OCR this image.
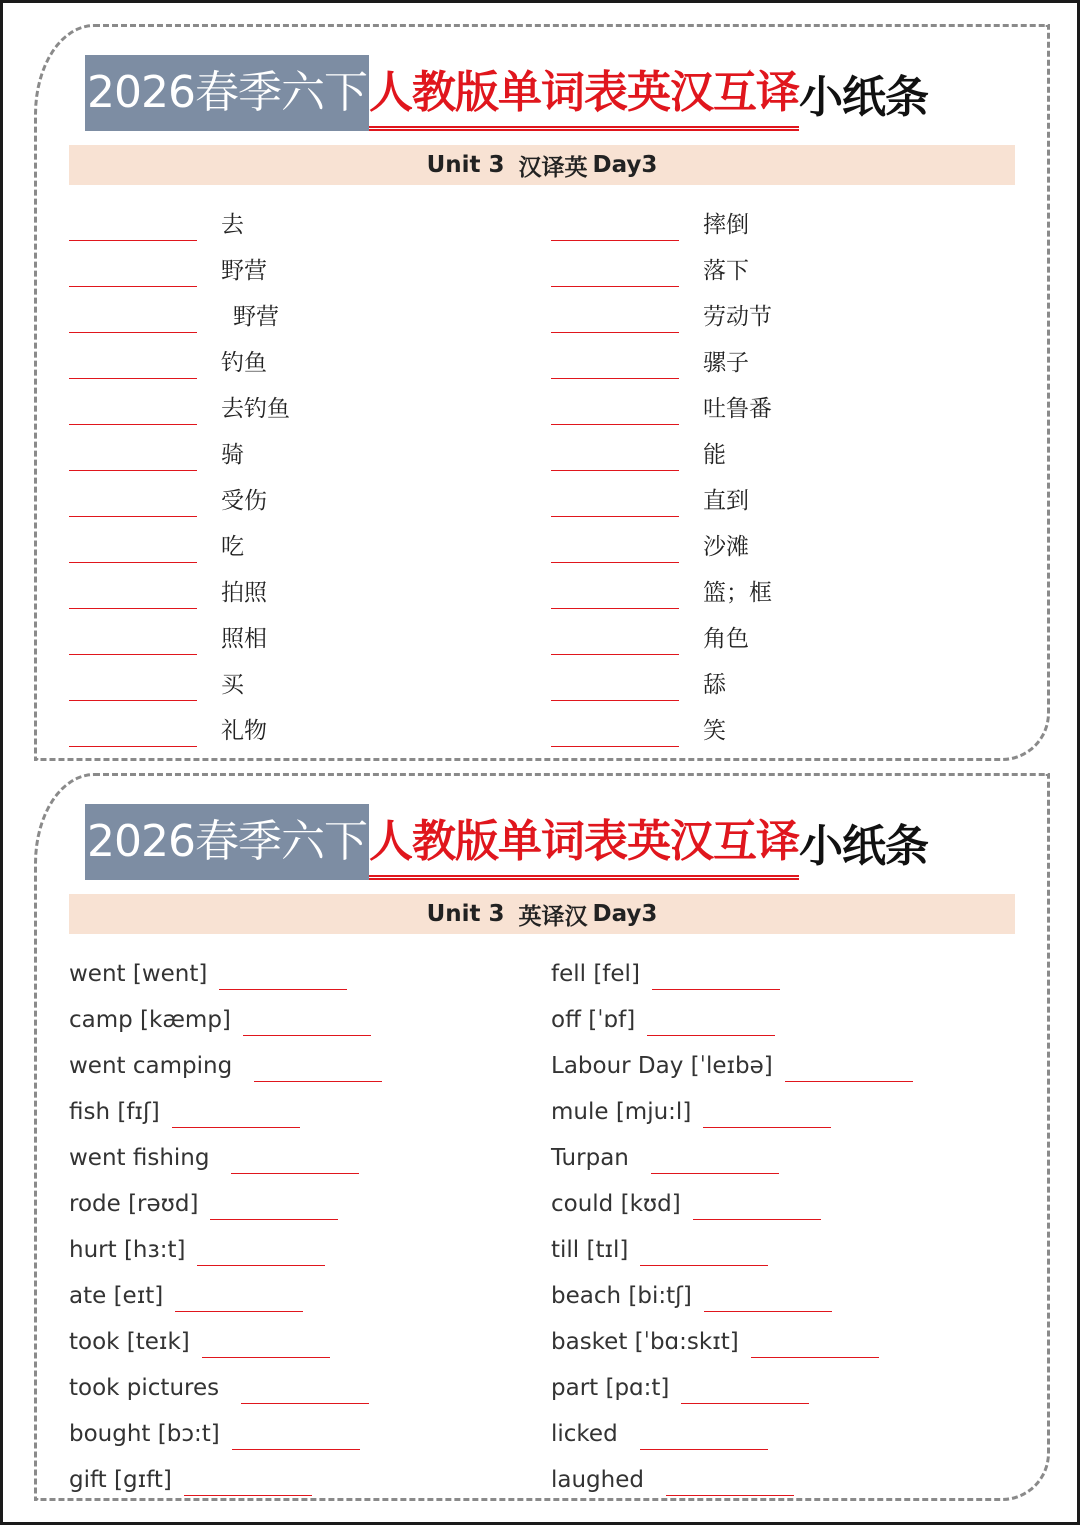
2026春季六下 人教版单词表英汉互译 小纸条
Unit 3 汉译英 Day3
去
野营
野营
钓鱼
去钓鱼
骑
受伤
吃
拍照
照相
买
礼物
摔倒
落下
劳动节
骡子
吐鲁番
能
直到
沙滩
篮；框
角色
舔
笑
2026春季六下 人教版单词表英汉互译 小纸条
Unit 3 英译汉 Day3
went [went]
camp [kæmp]
went camping
fish [fɪʃ]
went fishing
rode [rəʊd]
hurt [hɜ:t]
ate [eɪt]
took [teɪk]
took pictures
bought [bɔ:t]
gift [gɪft]
fell [fel]
off [ˈɒf]
Labour Day [ˈleɪbə]
mule [mju:l]
Turpan
could [kʊd]
till [tɪl]
beach [bi:tʃ]
basket [ˈbɑ:skɪt]
part [pɑ:t]
licked
laughed
